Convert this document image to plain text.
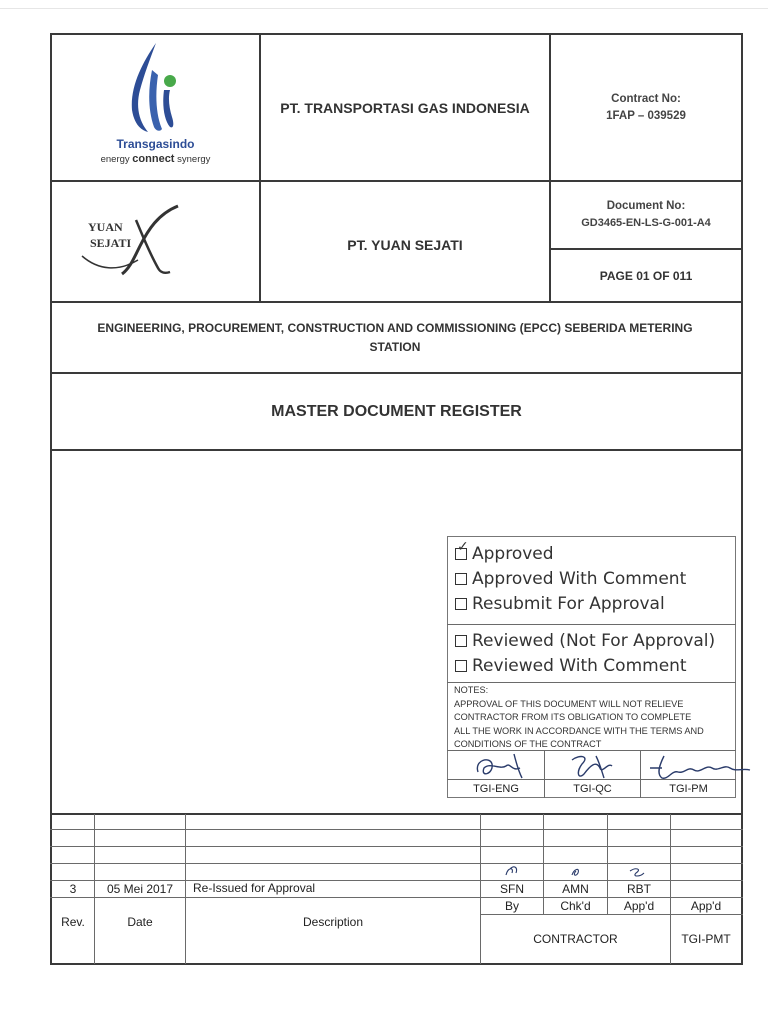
Transgasindo
energy connect synergy
PT. TRANSPORTASI GAS INDONESIA
Contract No:
1FAP – 039529
YUAN
SEJATI	PT. YUAN SEJATI
Document No:
GD3465-EN-LS-G-001-A4
PAGE 01 OF 011
ENGINEERING, PROCUREMENT, CONSTRUCTION AND COMMISSIONING (EPCC) SEBERIDA METERING STATION
MASTER DOCUMENT REGISTER
✓ Approved
Approved With Comment
Resubmit For Approval
Reviewed (Not For Approval)
Reviewed With Comment
NOTES:
APPROVAL OF THIS DOCUMENT WILL NOT RELIEVE
CONTRACTOR FROM ITS OBLIGATION TO COMPLETE
ALL THE WORK IN ACCORDANCE WITH THE TERMS AND
CONDITIONS OF THE CONTRACT
TGI-ENG	TGI-QC	TGI-PM
3	05 Mei 2017	Re-Issued for Approval	SFN	AMN	RBT
Rev.	Date	Description
By	Chk'd	App'd	App'd
CONTRACTOR	TGI-PMT
